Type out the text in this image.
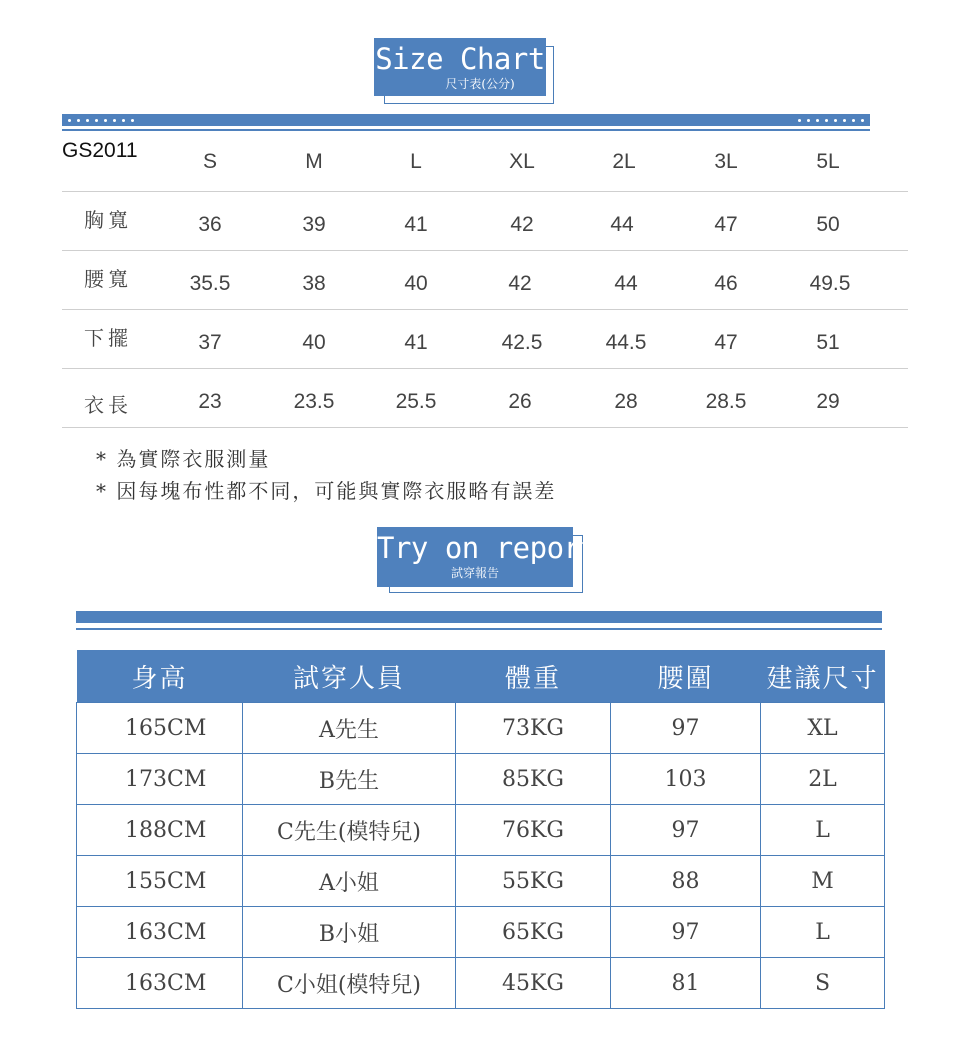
Size Chart
尺寸表(公分)
GS2011	S	M	L	XL	2L	3L	5L
胸寬	36	39	41	42	44	47	50
腰寬	35.5	38	40	42	44	46	49.5
下擺	37	40	41	42.5	44.5	47	51
衣長	23	23.5	25.5	26	28	28.5	29
* 為實際衣服測量
* 因每塊布性都不同，可能與實際衣服略有誤差
Try on report
試穿報告
身高	試穿人員	體重	腰圍	建議尺寸
165CM	A先生	73KG	97	XL
173CM	B先生	85KG	103	2L
188CM	C先生(模特兒)	76KG	97	L
155CM	A小姐	55KG	88	M
163CM	B小姐	65KG	97	L
163CM	C小姐(模特兒)	45KG	81	S
